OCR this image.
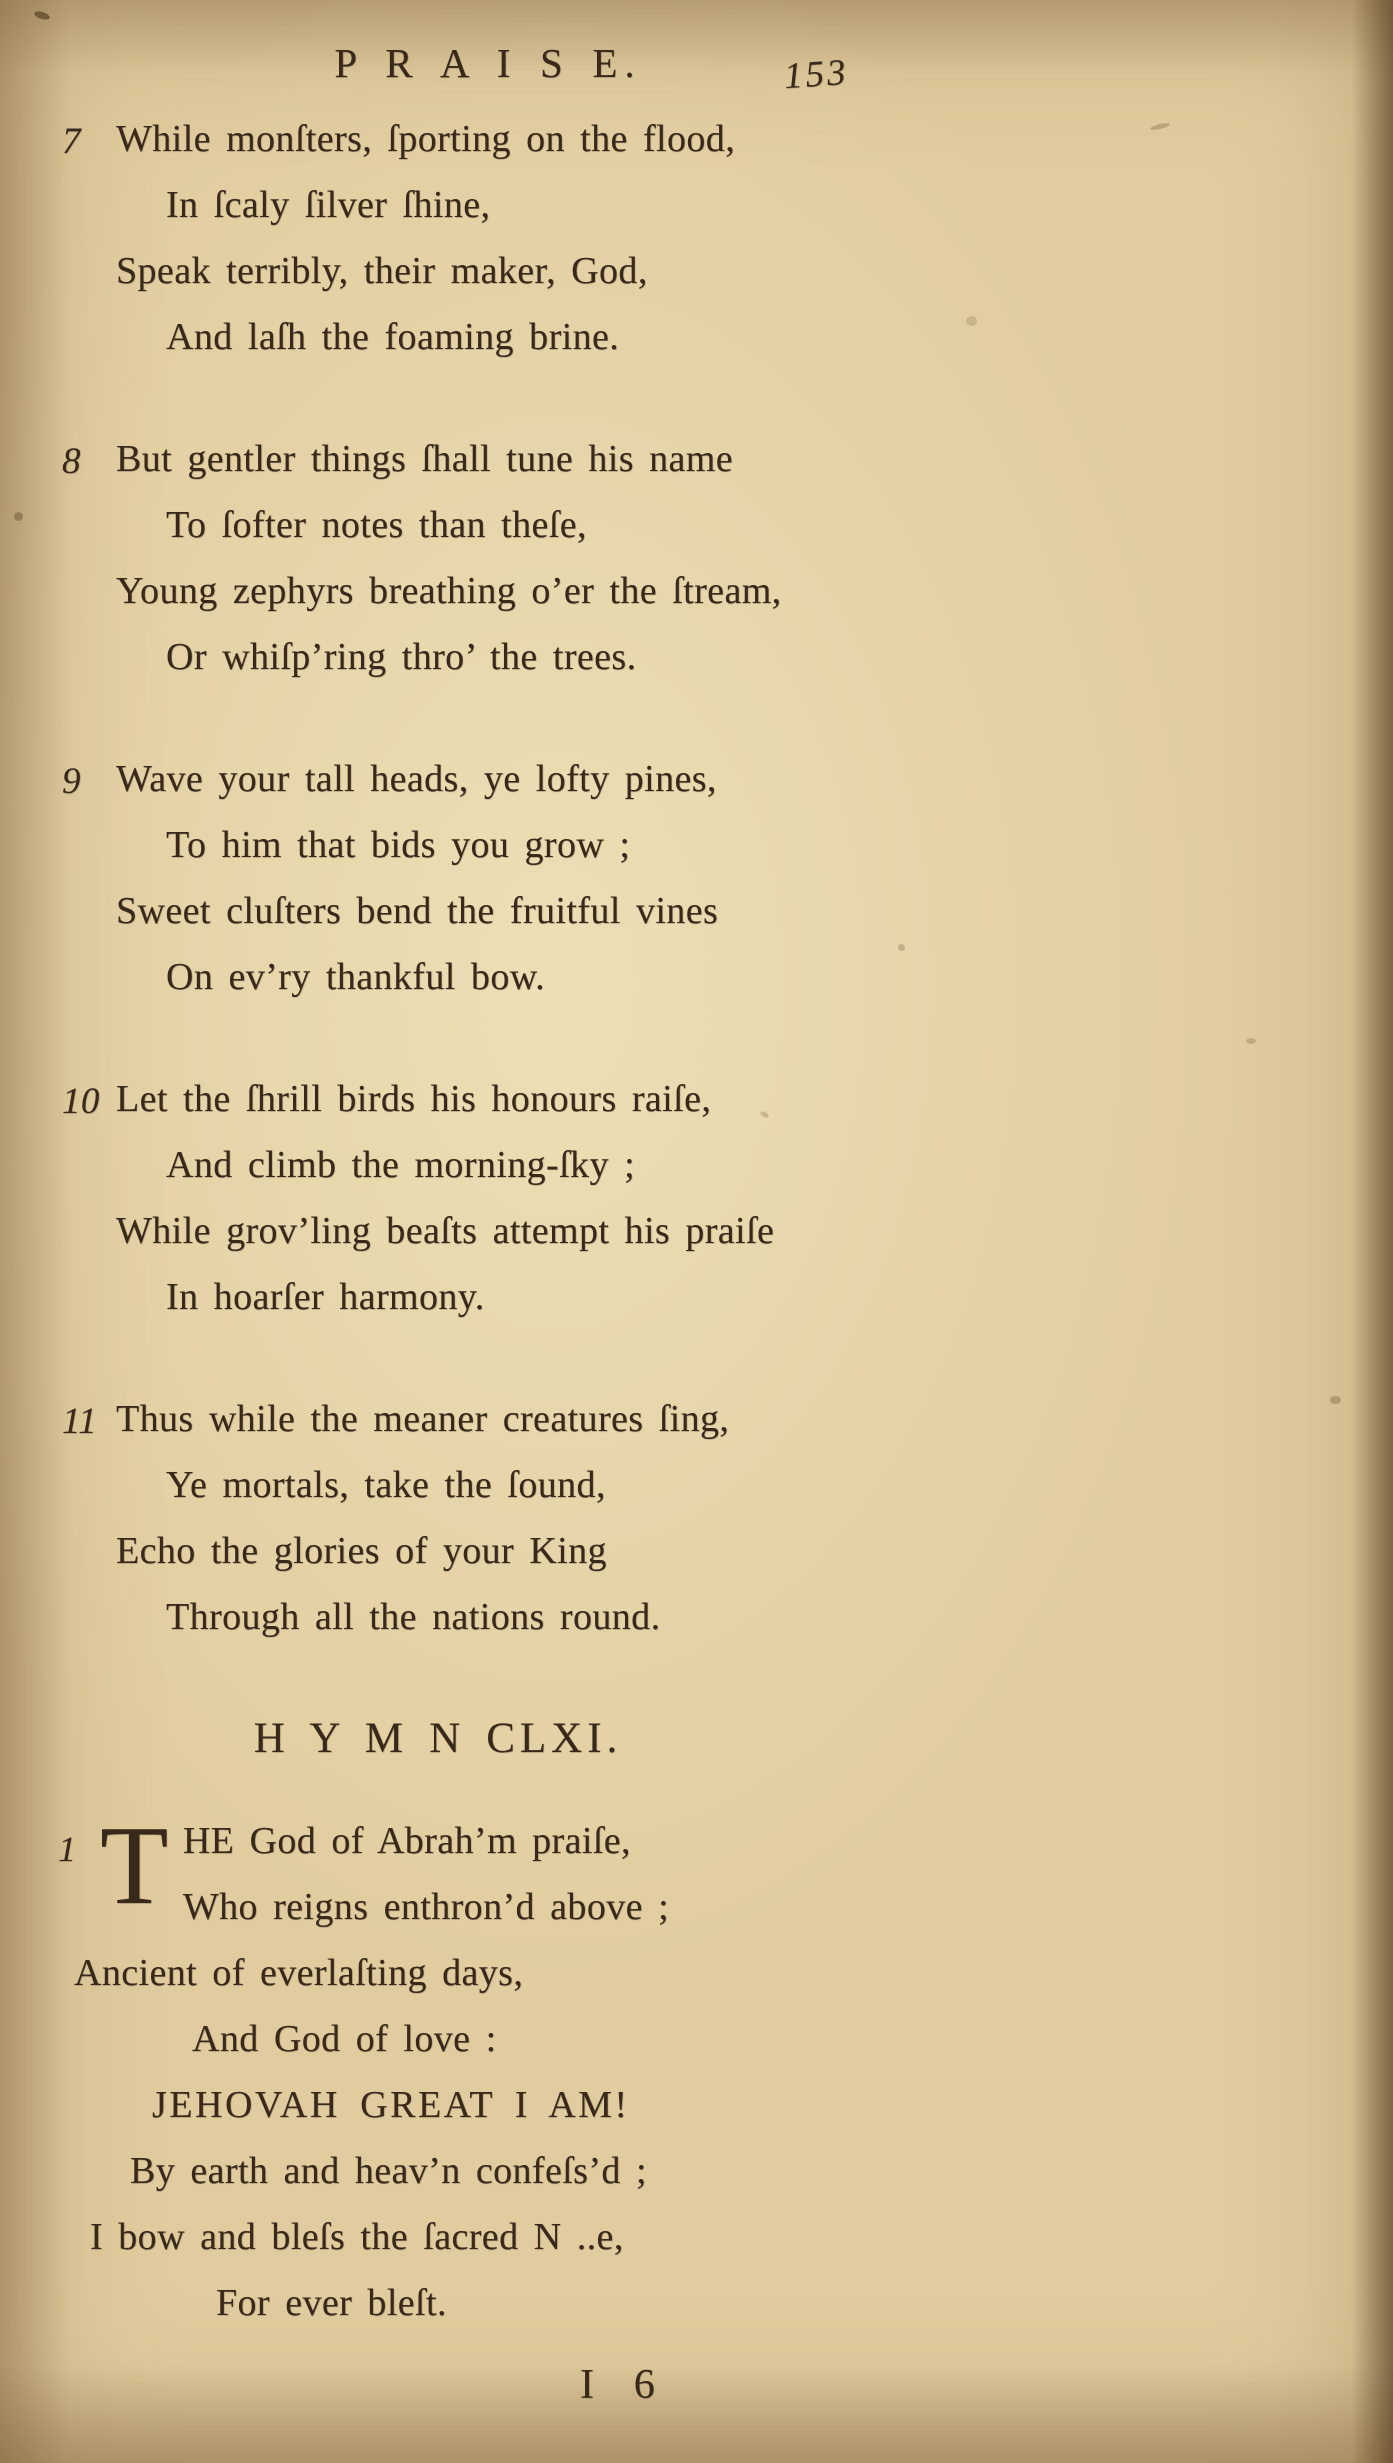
P R A I S E.	153
7 While monſters, ſporting on the flood,
In ſcaly ſilver ſhine,
Speak terribly, their maker, God,
And laſh the foaming brine.
8 But gentler things ſhall tune his name
To ſofter notes than theſe,
Young zephyrs breathing o’er the ſtream,
Or whiſp’ring thro’ the trees.
9 Wave your tall heads, ye lofty pines,
To him that bids you grow ;
Sweet cluſters bend the fruitful vines
On ev’ry thankful bow.
10 Let the ſhrill birds his honours raiſe,
And climb the morning-ſky ;
While grov’ling beaſts attempt his praiſe
In hoarſer harmony.
11 Thus while the meaner creatures ſing,
Ye mortals, take the ſound,
Echo the glories of your King
Through all the nations round.
H Y M N CLXI.
1 T HE God of Abrah’m praiſe,
Who reigns enthron’d above ;
Ancient of everlaſting days,
And God of love :
JEHOVAH GREAT I AM!
By earth and heav’n confeſs’d ;
I bow and bleſs the ſacred N ..e,
For ever bleſt.
I 6
